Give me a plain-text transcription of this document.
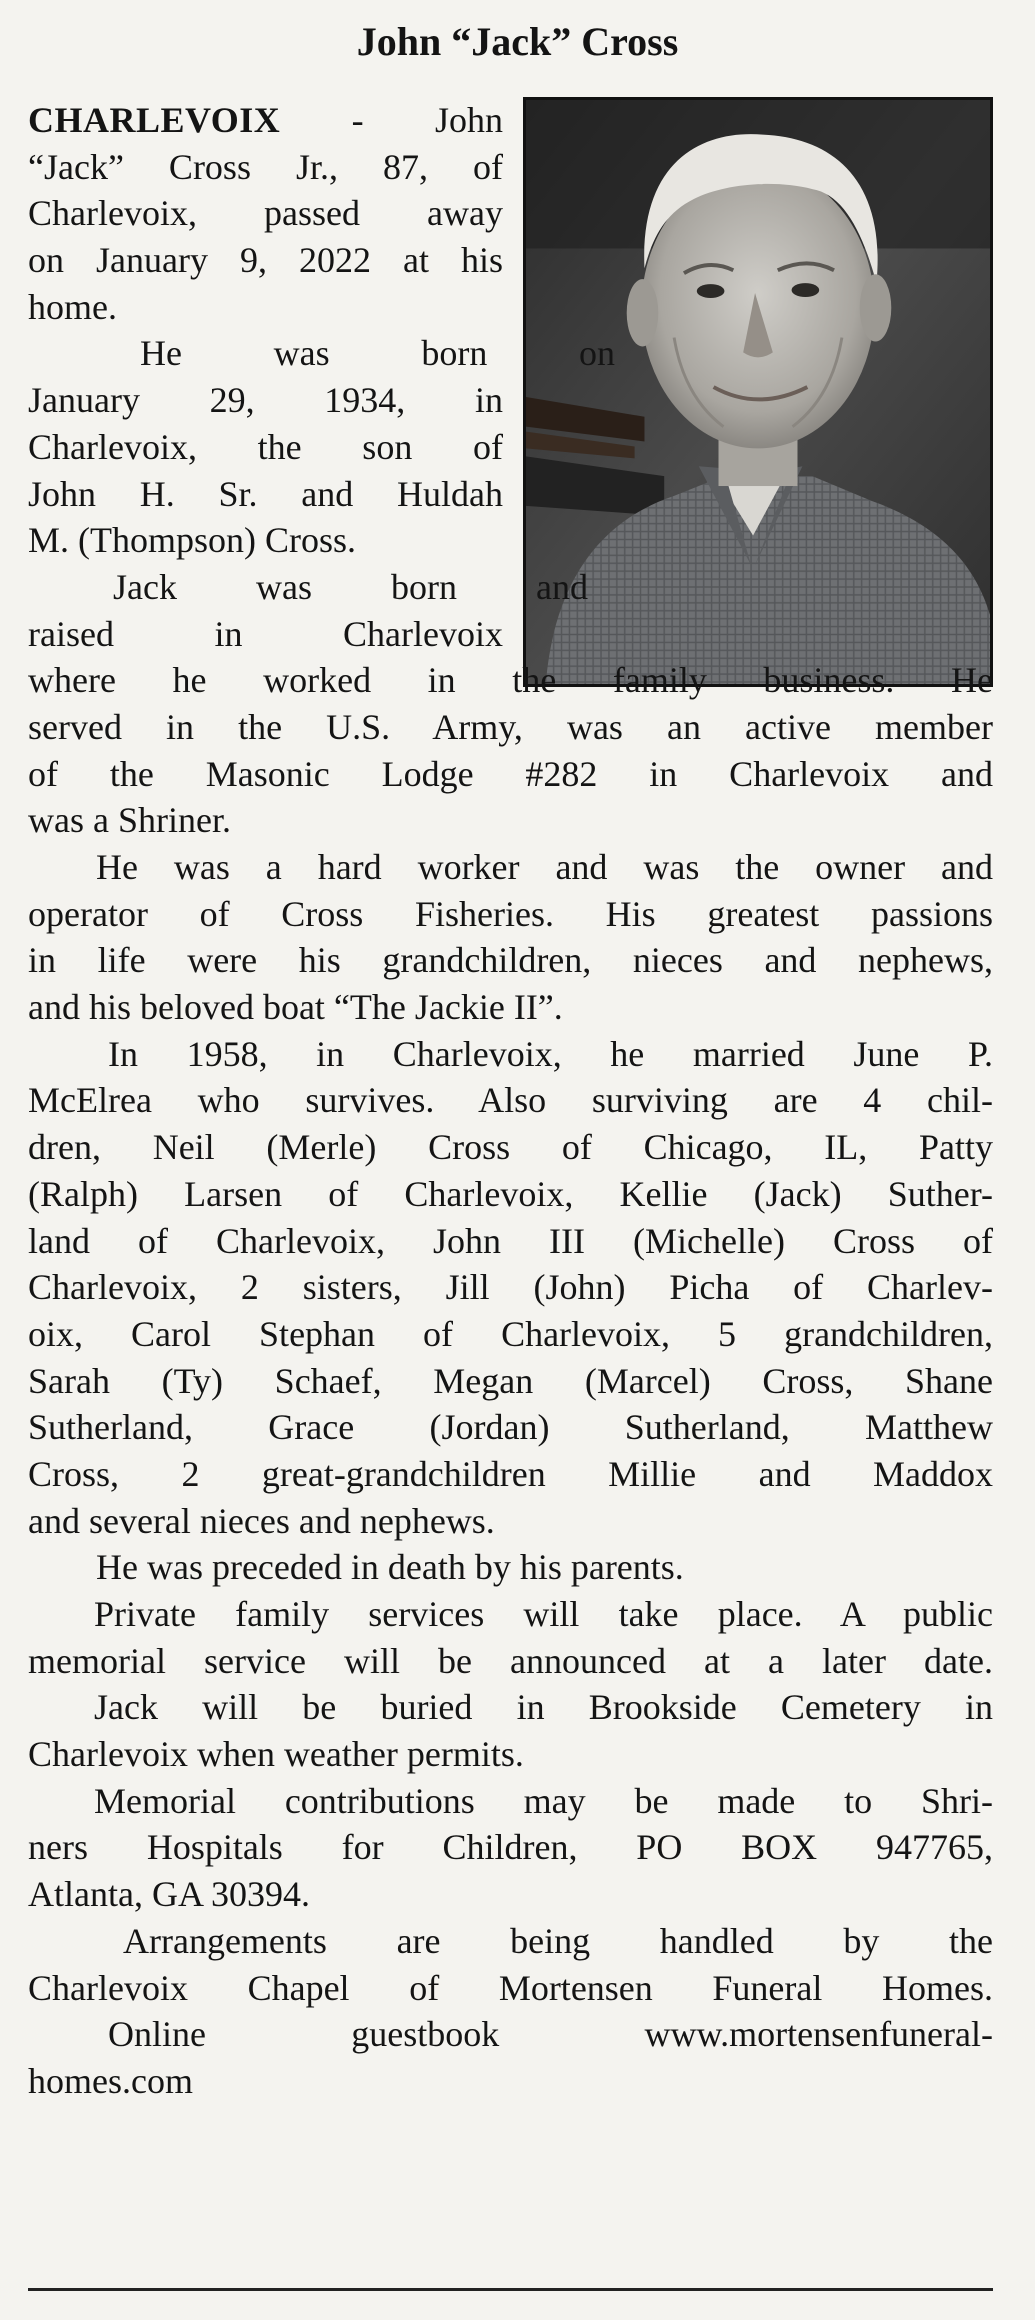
John “Jack” Cross
CHARLEVOIX - John
“Jack” Cross Jr., 87, of
Charlevoix, passed away
on January 9, 2022 at his
home.
He was born on
January 29, 1934, in
Charlevoix, the son of
John H. Sr. and Huldah
M. (Thompson) Cross.
Jack was born and
raised in Charlevoix
where he worked in the family business. He
served in the U.S. Army, was an active member
of the Masonic Lodge #282 in Charlevoix and
was a Shriner.
He was a hard worker and was the owner and
operator of Cross Fisheries. His greatest passions
in life were his grandchildren, nieces and nephews,
and his beloved boat “The Jackie II”.
In 1958, in Charlevoix, he married June P.
McElrea who survives. Also surviving are 4 chil-
dren, Neil (Merle) Cross of Chicago, IL, Patty
(Ralph) Larsen of Charlevoix, Kellie (Jack) Suther-
land of Charlevoix, John III (Michelle) Cross of
Charlevoix, 2 sisters, Jill (John) Picha of Charlev-
oix, Carol Stephan of Charlevoix, 5 grandchildren,
Sarah (Ty) Schaef, Megan (Marcel) Cross, Shane
Sutherland, Grace (Jordan) Sutherland, Matthew
Cross, 2 great-grandchildren Millie and Maddox
and several nieces and nephews.
He was preceded in death by his parents.
Private family services will take place. A public
memorial service will be announced at a later date.
Jack will be buried in Brookside Cemetery in
Charlevoix when weather permits.
Memorial contributions may be made to Shri-
ners Hospitals for Children, PO BOX 947765,
Atlanta, GA 30394.
Arrangements are being handled by the
Charlevoix Chapel of Mortensen Funeral Homes.
Online guestbook www.mortensenfuneral-
homes.com
